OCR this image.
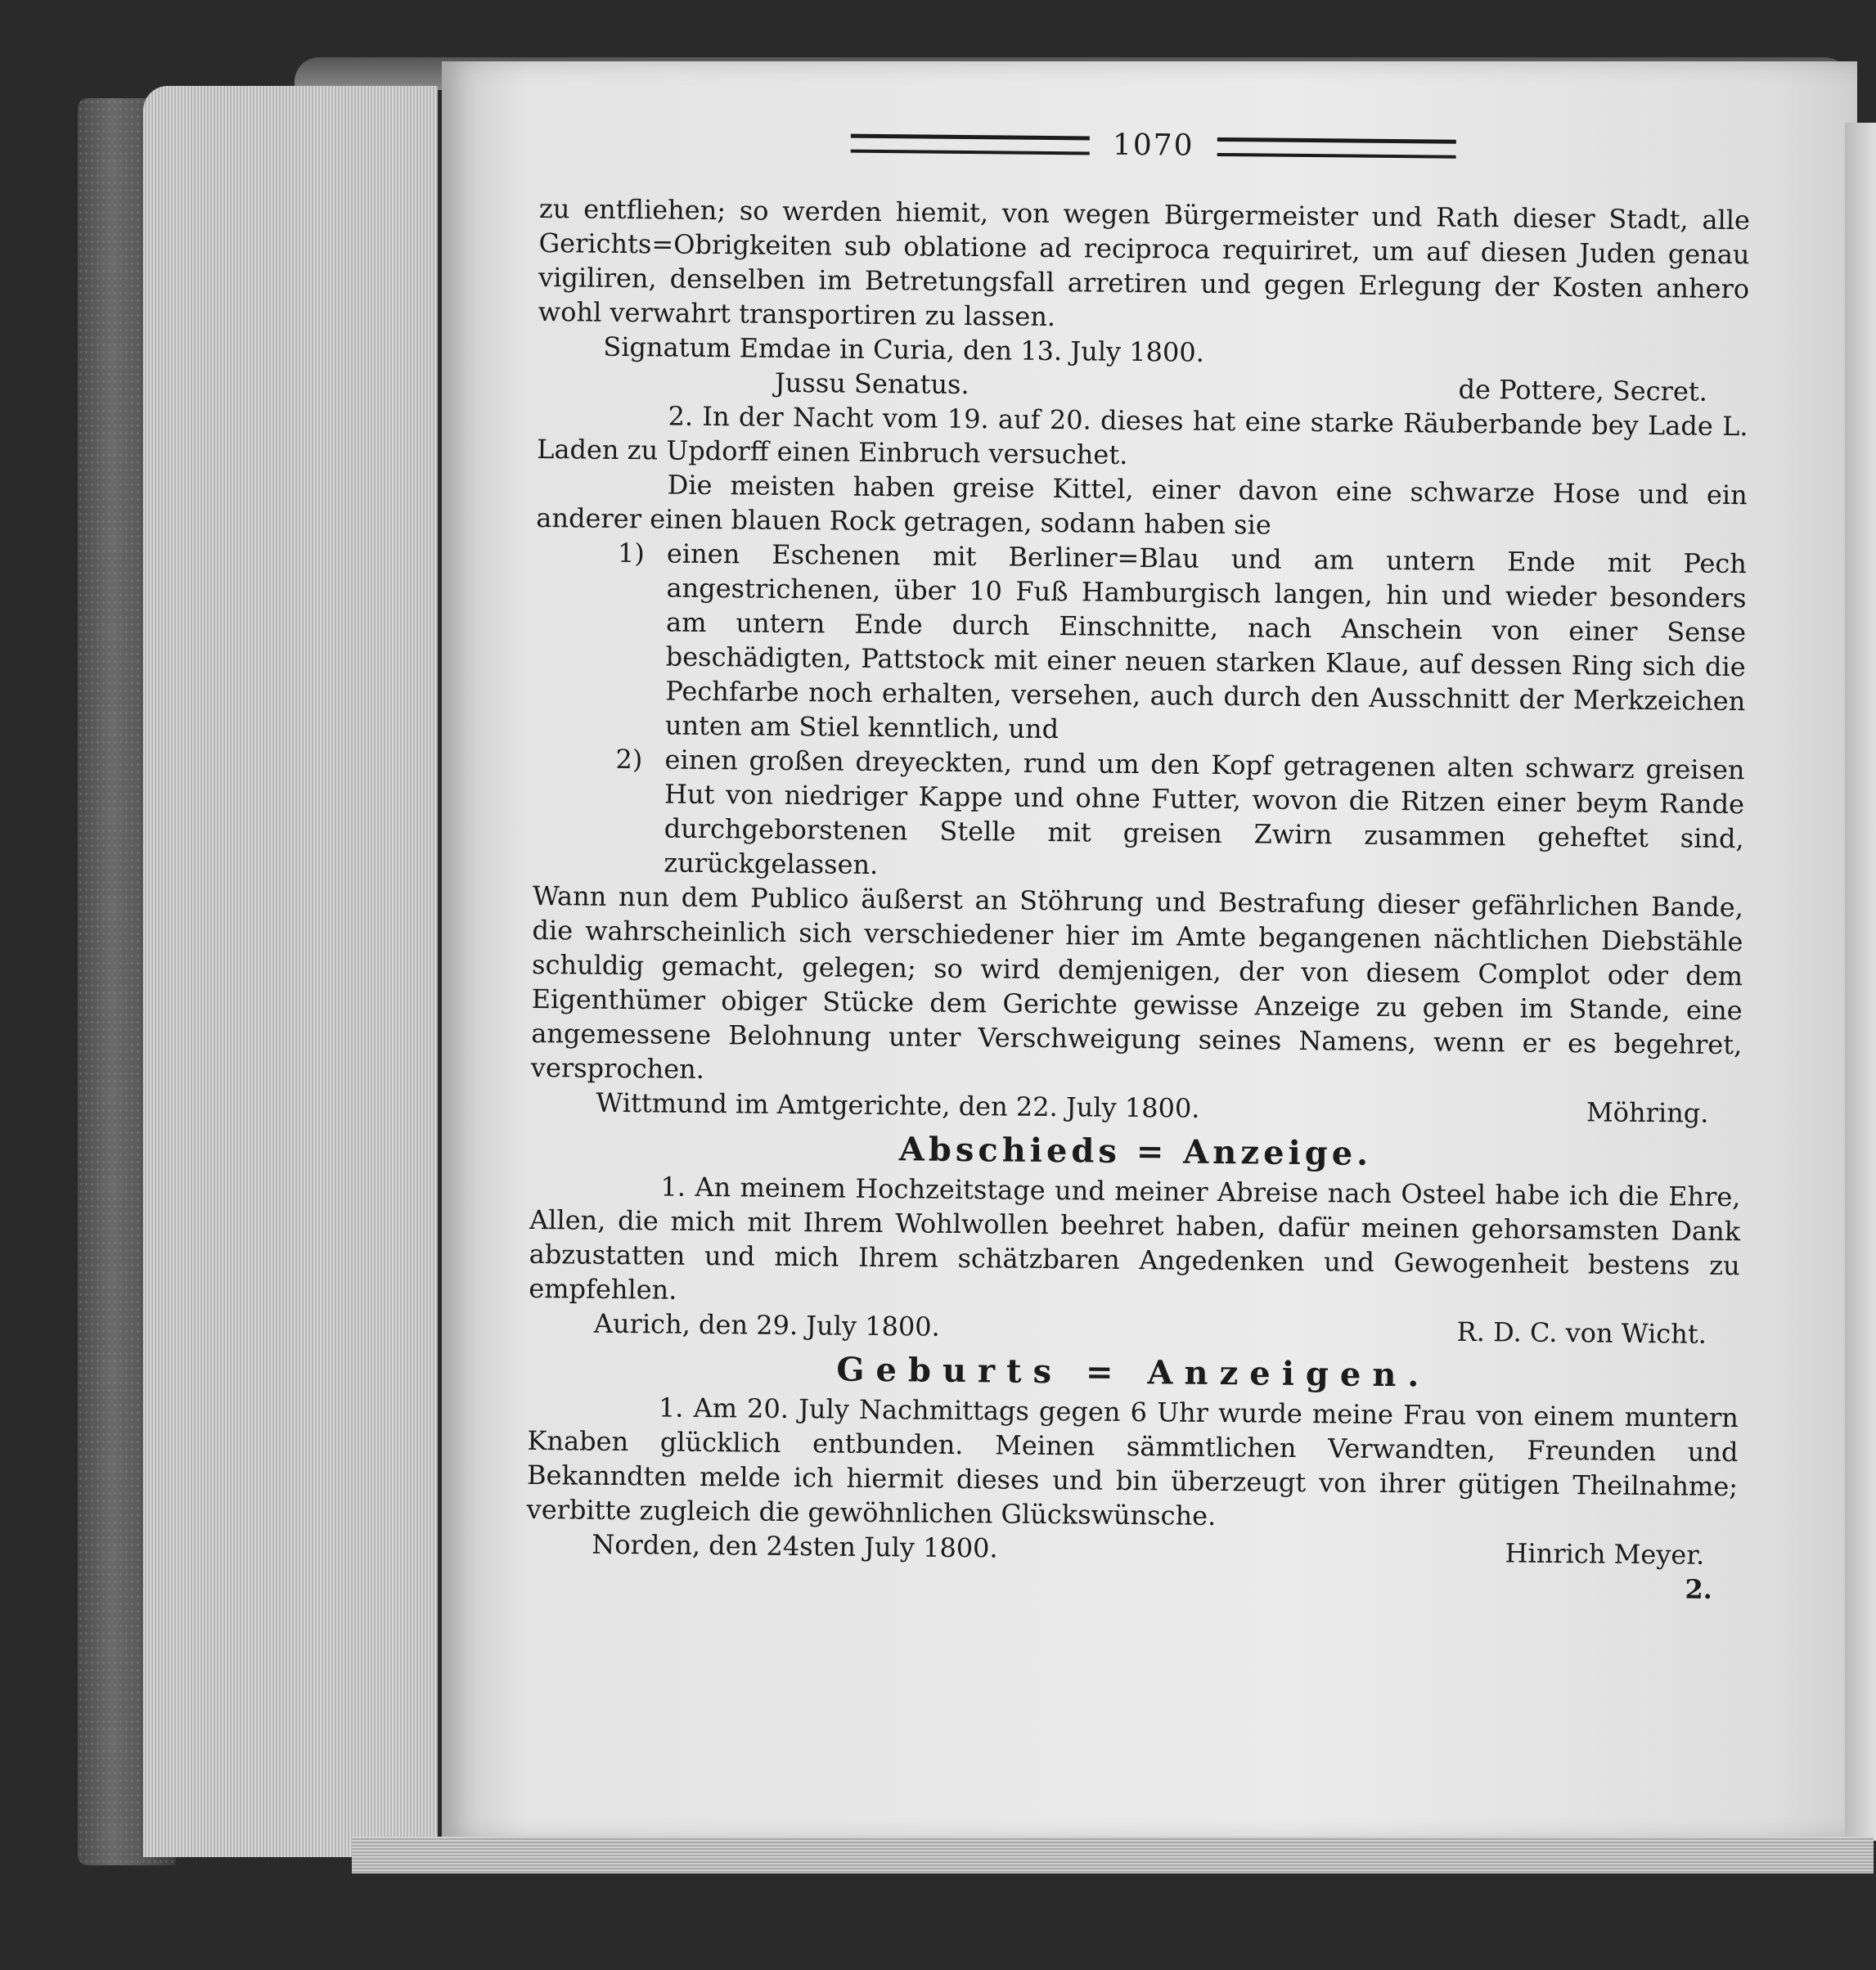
1070

zu entfliehen; so werden hiemit, von wegen Bürgermeister und Rath dieser Stadt, alle Gerichts=Obrigkeiten sub oblatione ad reciproca requiriret, um auf diesen Juden genau vigiliren, denselben im Betretungsfall arretiren und gegen Erlegung der Kosten anhero wohl verwahrt transportiren zu lassen.

Signatum Emdae in Curia, den 13. July 1800.
Jussu Senatus.	de Pottere, Secret.

2. In der Nacht vom 19. auf 20. dieses hat eine starke Räuberbande bey Lade L. Laden zu Updorff einen Einbruch versuchet.

Die meisten haben greise Kittel, einer davon eine schwarze Hose und ein anderer einen blauen Rock getragen, sodann haben sie

1) einen Eschenen mit Berliner=Blau und am untern Ende mit Pech angestrichenen, über 10 Fuß Hamburgisch langen, hin und wieder besonders am untern Ende durch Einschnitte, nach Anschein von einer Sense beschädigten, Pattstock mit einer neuen starken Klaue, auf dessen Ring sich die Pechfarbe noch erhalten, versehen, auch durch den Ausschnitt der Merkzeichen unten am Stiel kenntlich, und

2) einen großen dreyeckten, rund um den Kopf getragenen alten schwarz greisen Hut von niedriger Kappe und ohne Futter, wovon die Ritzen einer beym Rande durchgeborstenen Stelle mit greisen Zwirn zusammen geheftet sind, zurückgelassen.

Wann nun dem Publico äußerst an Stöhrung und Bestrafung dieser gefährlichen Bande, die wahrscheinlich sich verschiedener hier im Amte begangenen nächtlichen Diebstähle schuldig gemacht, gelegen; so wird demjenigen, der von diesem Complot oder dem Eigenthümer obiger Stücke dem Gerichte gewisse Anzeige zu geben im Stande, eine angemessene Belohnung unter Verschweigung seines Namens, wenn er es begehret, versprochen.

Wittmund im Amtgerichte, den 22. July 1800.	Möhring.
Abschieds = Anzeige.

1. An meinem Hochzeitstage und meiner Abreise nach Osteel habe ich die Ehre, Allen, die mich mit Ihrem Wohlwollen beehret haben, dafür meinen gehorsamsten Dank abzustatten und mich Ihrem schätzbaren Angedenken und Gewogenheit bestens zu empfehlen.

Aurich, den 29. July 1800.	R. D. C. von Wicht.
Geburts = Anzeigen.

1. Am 20. July Nachmittags gegen 6 Uhr wurde meine Frau von einem muntern Knaben glücklich entbunden. Meinen sämmtlichen Verwandten, Freunden und Bekanndten melde ich hiermit dieses und bin überzeugt von ihrer gütigen Theilnahme; verbitte zugleich die gewöhnlichen Glückswünsche.

Norden, den 24sten July 1800.	Hinrich Meyer.
2.
